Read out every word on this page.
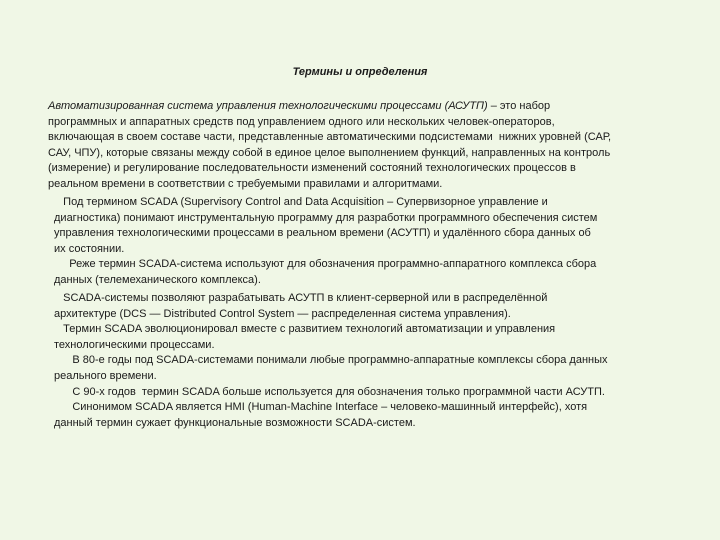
Термины и определения

Автоматизированная система управления технологическими процессами (АСУТП) – это набор
программных и аппаратных средств под управлением одного или нескольких человек-операторов,
включающая в своем составе части, представленные автоматическими подсистемами  нижних уровней (САР,
САУ, ЧПУ), которые связаны между собой в единое целое выполнением функций, направленных на контроль
(измерение) и регулирование последовательности изменений состояний технологических процессов в
реальном времени в соответствии с требуемыми правилами и алгоритмами.

Под термином SCADA (Supervisory Control and Data Acquisition – Супервизорное управление и
диагностика) понимают инструментальную программу для разработки программного обеспечения систем
управления технологическими процессами в реальном времени (АСУТП) и удалённого сбора данных об
их состоянии.
Реже термин SCADA-система используют для обозначения программно-аппаратного комплекса сбора
данных (телемеханического комплекса).

SCADA-системы позволяют разрабатывать АСУТП в клиент-серверной или в распределённой
архитектуре (DCS — Distributed Control System — распределенная система управления).
Термин SCADA эволюционировал вместе с развитием технологий автоматизации и управления
технологическими процессами.
В 80-е годы под SCADA-системами понимали любые программно-аппаратные комплексы сбора данных
реального времени.
С 90-х годов  термин SCADA больше используется для обозначения только программной части АСУТП.
Синонимом SCADA является HMI (Human-Machine Interface – человеко-машинный интерфейс), хотя
данный термин сужает функциональные возможности SCADA-систем.
